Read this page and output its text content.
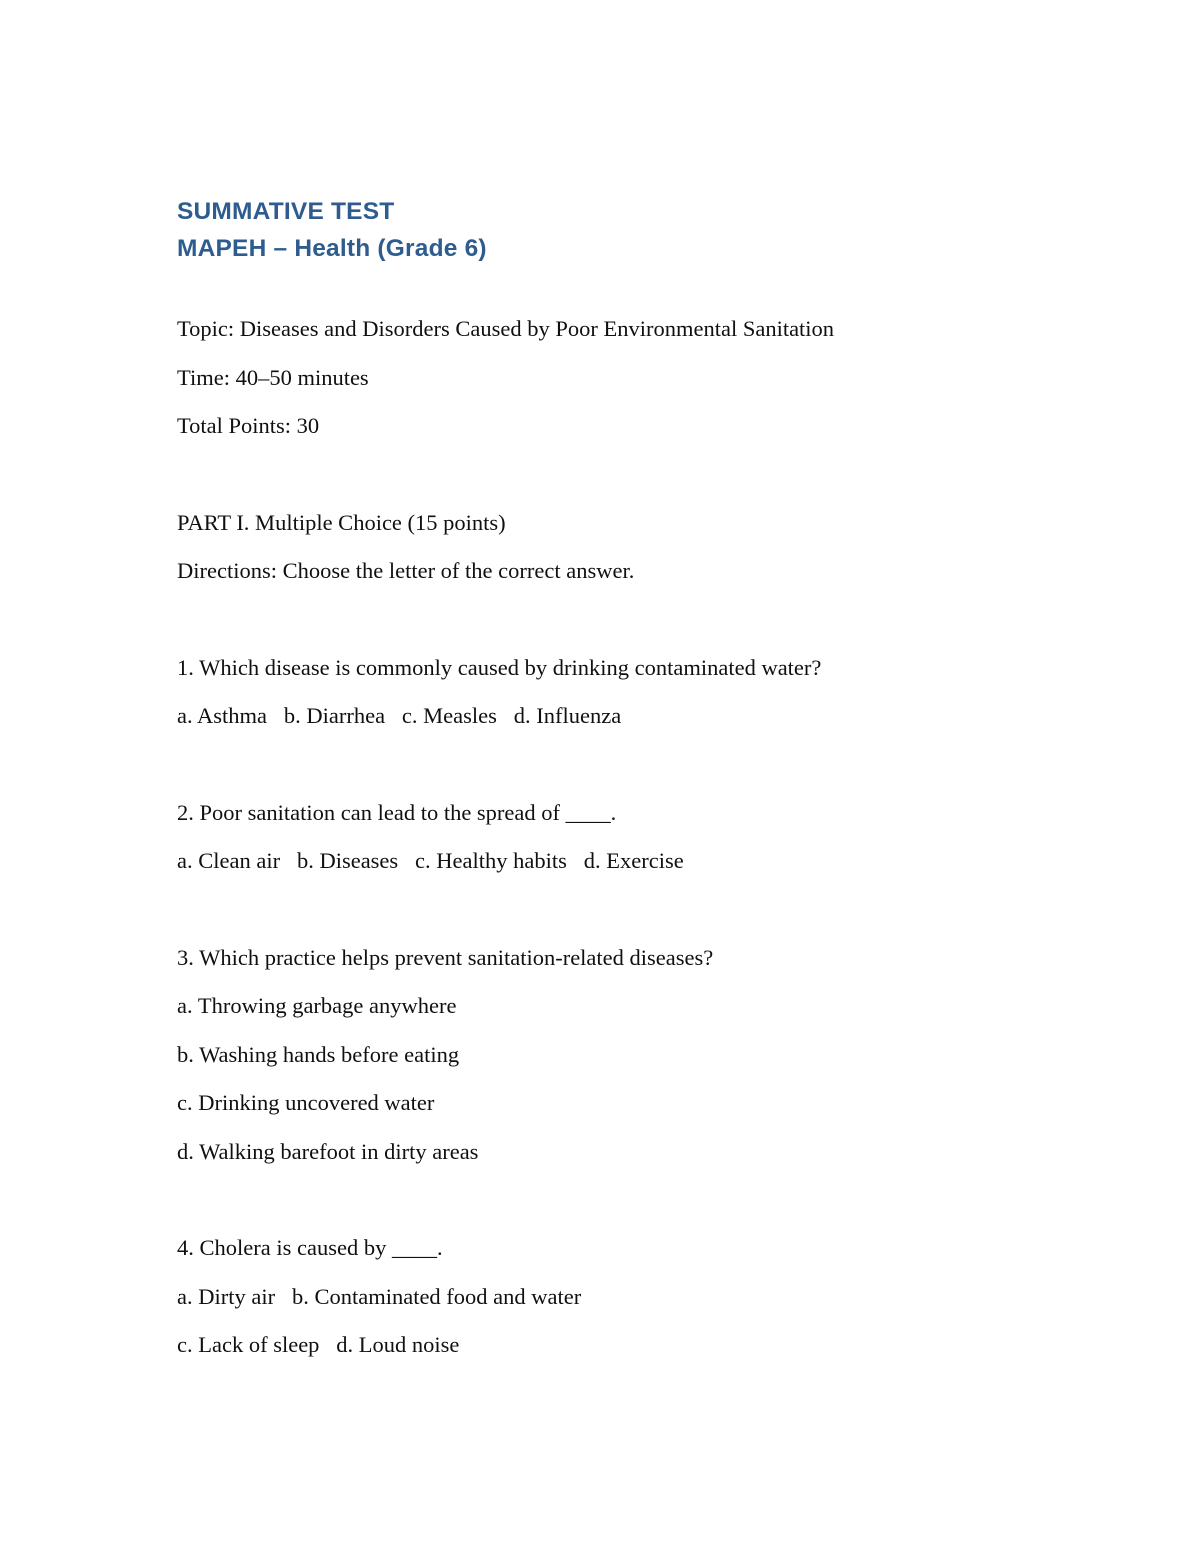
SUMMATIVE TEST
MAPEH – Health (Grade 6)

Topic: Diseases and Disorders Caused by Poor Environmental Sanitation

Time: 40–50 minutes

Total Points: 30

PART I. Multiple Choice (15 points)

Directions: Choose the letter of the correct answer.

1. Which disease is commonly caused by drinking contaminated water?

a. Asthma   b. Diarrhea   c. Measles   d. Influenza

2. Poor sanitation can lead to the spread of ____.

a. Clean air   b. Diseases   c. Healthy habits   d. Exercise

3. Which practice helps prevent sanitation-related diseases?

a. Throwing garbage anywhere

b. Washing hands before eating

c. Drinking uncovered water

d. Walking barefoot in dirty areas

4. Cholera is caused by ____.

a. Dirty air   b. Contaminated food and water

c. Lack of sleep   d. Loud noise
